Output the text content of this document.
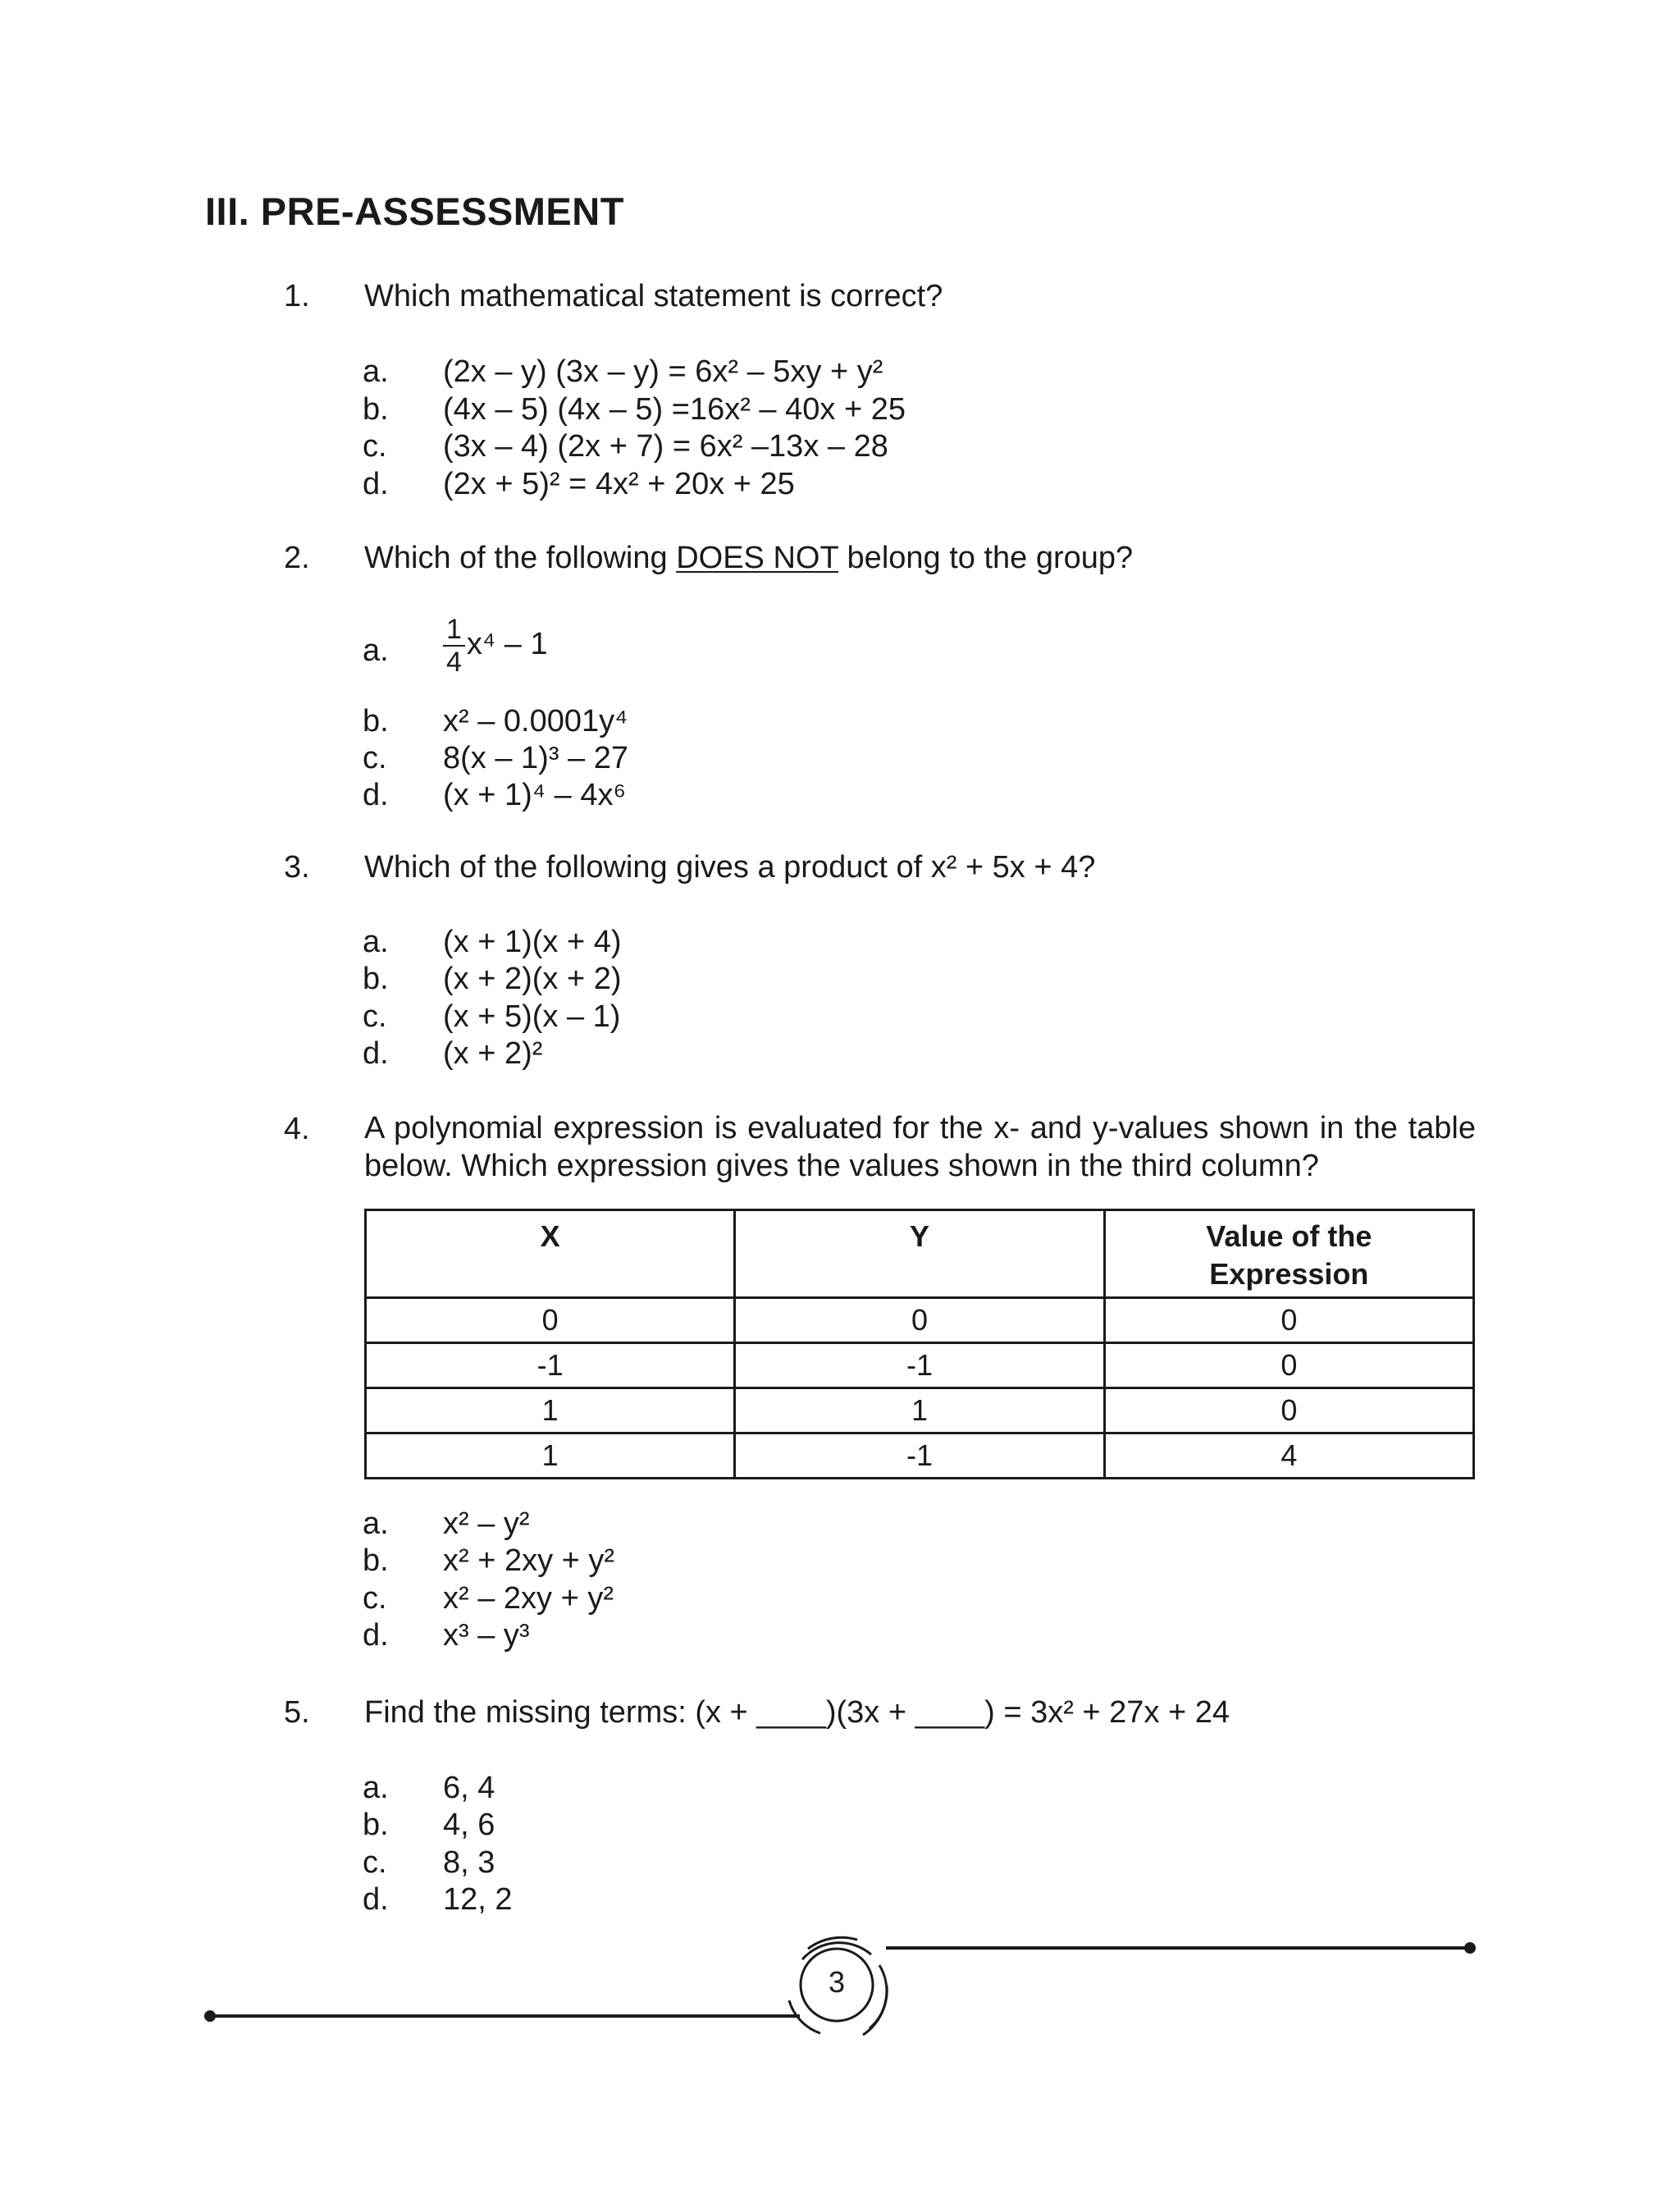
III. PRE-ASSESSMENT
1. Which mathematical statement is correct?
a. (2x – y) (3x – y) = 6x² – 5xy + y²
b. (4x – 5) (4x – 5) =16x² – 40x + 25
c. (3x – 4) (2x + 7) = 6x² –13x – 28
d. (2x + 5)² = 4x² + 20x + 25
2. Which of the following DOES NOT belong to the group?
a. $\frac{1}{4} x^4 - 1$
b. x² – 0.0001y⁴
c. 8(x – 1)³ – 27
d. (x + 1)⁴ – 4x⁶
3. Which of the following gives a product of x² + 5x + 4?
a. (x + 1)(x + 4)
b. (x + 2)(x + 2)
c. (x + 5)(x – 1)
d. (x + 2)²
4. A polynomial expression is evaluated for the x- and y-values shown in the table below. Which expression gives the values shown in the third column?
X	Y	Value of the Expression
0	0	0
-1	-1	0
1	1	0
1	-1	4
a. x² – y²
b. x² + 2xy + y²
c. x² – 2xy + y²
d. x³ – y³
5. Find the missing terms: (x + ____)(3x + ____) = 3x² + 27x + 24
a. 6, 4
b. 4, 6
c. 8, 3
d. 12, 2
3
